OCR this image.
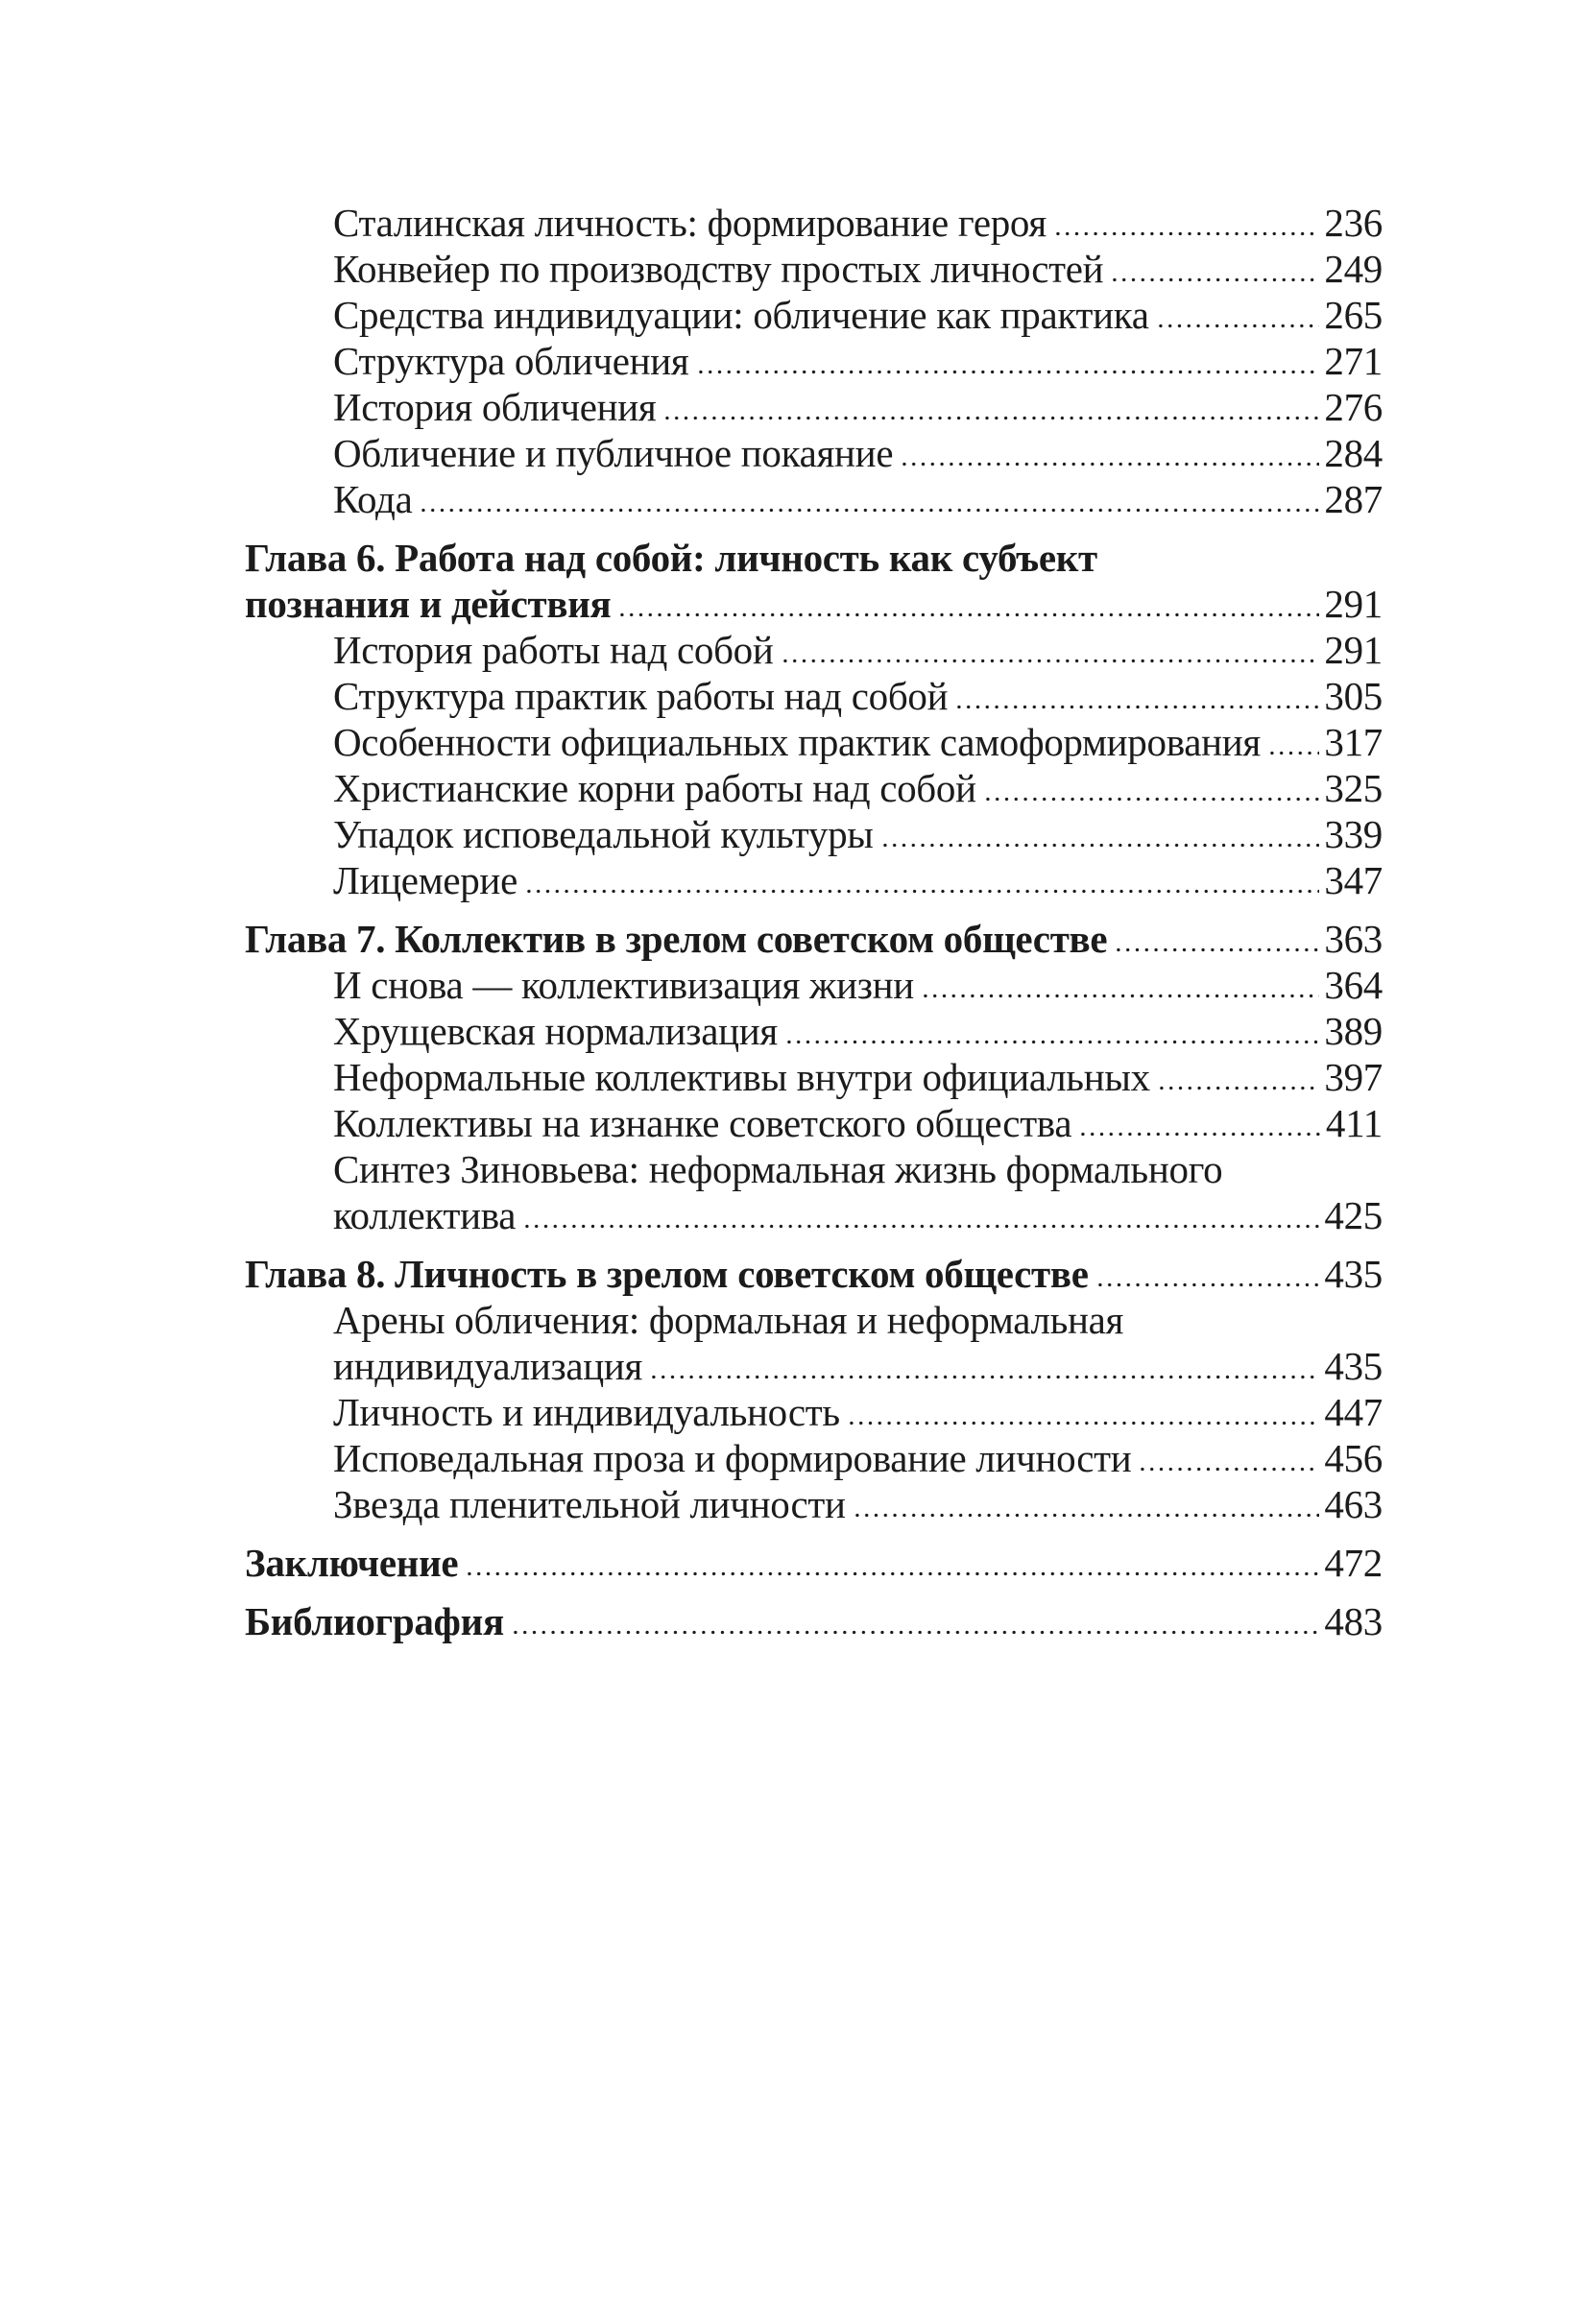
Сталинская личность: формирование героя	236
Конвейер по производству простых личностей	249
Средства индивидуации: обличение как практика	265
Структура обличения	271
История обличения	276
Обличение и публичное покаяние	284
Кода	287
Глава 6. Работа над собой: личность как субъект
познания и действия	291
История работы над собой	291
Структура практик работы над собой	305
Особенности официальных практик самоформирования 317
Христианские корни работы над собой	325
Упадок исповедальной культуры	339
Лицемерие	347
Глава 7. Коллектив в зрелом советском обществе	363
И снова — коллективизация жизни	364
Хрущевская нормализация	389
Неформальные коллективы внутри официальных	397
Коллективы на изнанке советского общества	411
Синтез Зиновьева: неформальная жизнь формального
коллектива	425
Глава 8. Личность в зрелом советском обществе	435
Арены обличения: формальная и неформальная
индивидуализация	435
Личность и индивидуальность	447
Исповедальная проза и формирование личности	456
Звезда пленительной личности	463
Заключение	472
Библиография	483
